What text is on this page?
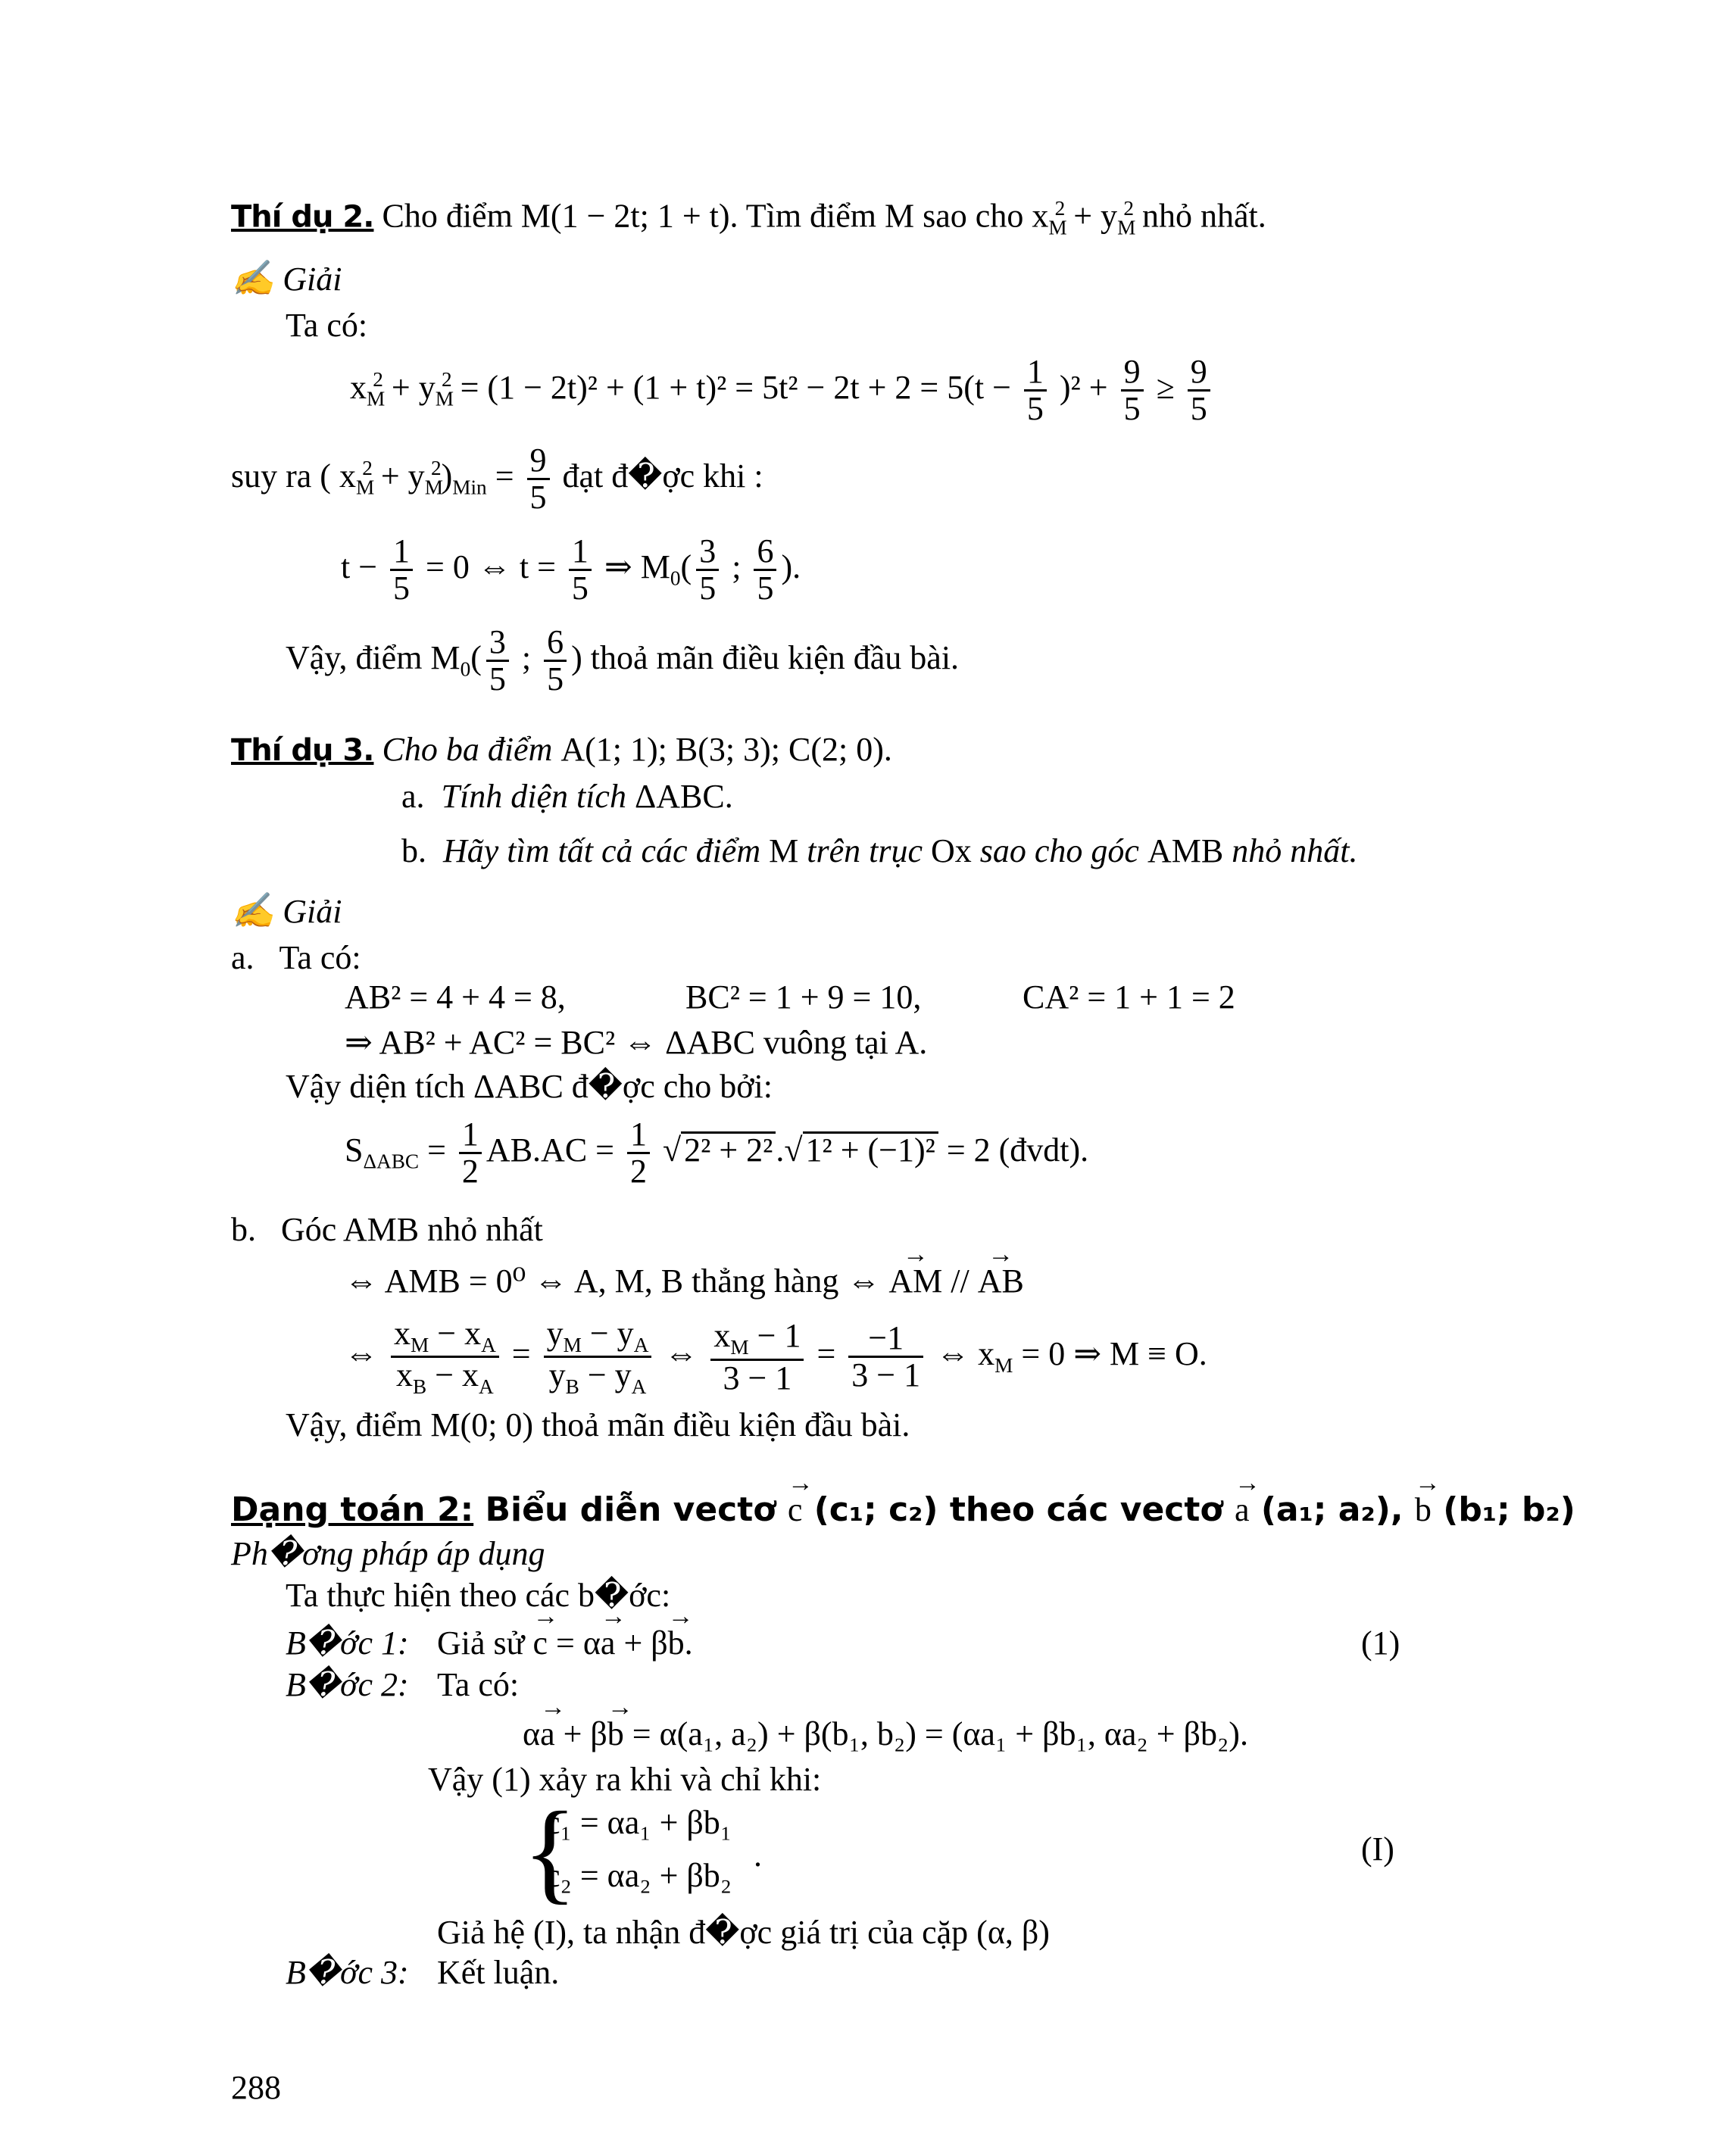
Thí dụ 2. Cho điểm M(1 − 2t; 1 + t). Tìm điểm M sao cho $x_M^2 + y_M^2$ nhỏ nhất.
✍ Giải
Ta có:
$x_M^2 + y_M^2 = (1 - 2t)^2 + (1 + t)^2 = 5t^2 - 2t + 2 = 5(t - \frac{1}{5} )^2 + \frac{9}{5} \ge \frac{9}{5}$
suy ra ( $x_M^2 + y_M^2)_{Min} = \frac{9}{5}$ đạt đ�ợc khi :
$t - \frac{1}{5} = 0$ ⇔ $t = \frac{1}{5}$ ⇒ $M_0( \frac{3}{5}$ ; $\frac{6}{5}$ ).
Vậy, điểm $M_0( \frac{3}{5}$ ; $\frac{6}{5}$ ) thoả mãn điều kiện đầu bài.
Thí dụ 3. Cho ba điểm A(1; 1); B(3; 3); C(2; 0).
a. Tính diện tích ΔABC.
b. Hãy tìm tất cả các điểm M trên trục Ox sao cho góc AMB nhỏ nhất.
✍ Giải
a. Ta có:
AB² = 4 + 4 = 8,	BC² = 1 + 9 = 10,	CA² = 1 + 1 = 2
⇒ AB² + AC² = BC² ⇔ ΔABC vuông tại A.
Vậy diện tích ΔABC đ�ợc cho bởi:
$S_{\Delta ABC} = \frac{1}{2} AB.AC = \frac{1}{2} √2^2 + 2^2.√1^2 + (-1)^2 = 2$ (đvdt).
b. Góc AMB nhỏ nhất
⇔ AMB = 0⁰ ⇔ A, M, B thẳng hàng ⇔ → AM // → AB
⇔ $\frac{x_M - x_A}{x_B - x_A} = \frac{y_M - y_A}{y_B - y_A}$ ⇔ $\frac{x_M - 1}{3 - 1} = \frac{-1}{3 - 1}$ ⇔ $x_M = 0$ ⇒ M ≡ O.
Vậy, điểm M(0; 0) thoả mãn điều kiện đầu bài.
Dạng toán 2: Biểu diễn vectơ → c (c₁; c₂) theo các vectơ → a (a₁; a₂), → b (b₁; b₂)
Ph�ơng pháp áp dụng
Ta thực hiện theo các b�ớc:
B�ớc 1: Giả sử → c = α→ a + β→ b.	(1)
B�ớc 2: Ta có:
α→ a + β→ b = α(a₁, a₂) + β(b₁, b₂) = (αa₁ + βb₁, αa₂ + βb₂).
Vậy (1) xảy ra khi và chỉ khi:
{
c₁ = αa₁ + βb₁
c₂ = αa₂ + βb₂
.	(I)
Giả hệ (I), ta nhận đ�ợc giá trị của cặp (α, β)
B�ớc 3: Kết luận.
288
